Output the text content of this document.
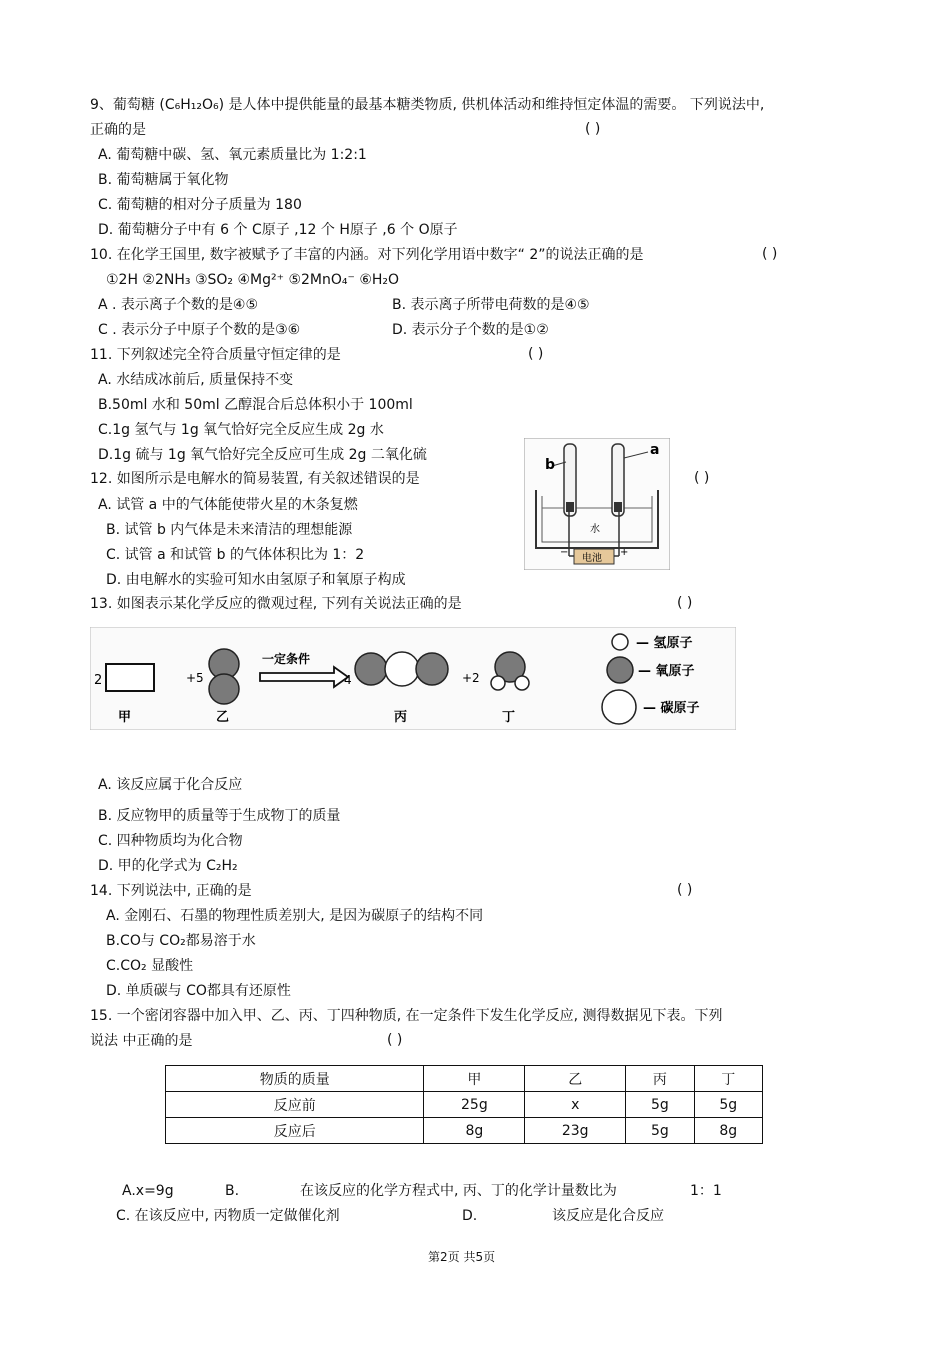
9、葡萄糖 (C₆H₁₂O₆) 是人体中提供能量的最基本糖类物质, 供机体活动和维持恒定体温的需要。 下列说法中,
正确的是	( )
A. 葡萄糖中碳、氢、氧元素质量比为 1:2:1
B. 葡萄糖属于氧化物
C. 葡萄糖的相对分子质量为 180
D. 葡萄糖分子中有 6 个 C原子 ,12 个 H原子 ,6 个 O原子
10. 在化学王国里, 数字被赋予了丰富的内涵。对下列化学用语中数字“ 2”的说法正确的是	( )
①2H ②2NH₃ ③SO₂ ④Mg²⁺ ⑤2MnO₄⁻ ⑥H₂O
A . 表示离子个数的是④⑤	B. 表示离子所带电荷数的是④⑤
C . 表示分子中原子个数的是③⑥	D. 表示分子个数的是①②
11. 下列叙述完全符合质量守恒定律的是	( )
A. 水结成冰前后, 质量保持不变
B.50ml 水和 50ml 乙醇混合后总体积小于 100ml
C.1g 氢气与 1g 氧气恰好完全反应生成 2g 水
D.1g 硫与 1g 氧气恰好完全反应可生成 2g 二氧化硫
12. 如图所示是电解水的简易装置, 有关叙述错误的是	( )
A. 试管 a 中的气体能使带火星的木条复燃
B. 试管 b 内气体是未来清洁的理想能源
C. 试管 a 和试管 b 的气体体积比为 1：2
D. 由电解水的实验可知水由氢原子和氧原子构成
b
a
水
电池
−	+
13. 如图表示某化学反应的微观过程, 下列有关说法正确的是	( )
2
甲
+5
乙
一定条件
4
丙
+2
丁
— 氢原子
— 氧原子
— 碳原子
A. 该反应属于化合反应
B. 反应物甲的质量等于生成物丁的质量
C. 四种物质均为化合物
D. 甲的化学式为 C₂H₂
14. 下列说法中, 正确的是	( )
A. 金刚石、石墨的物理性质差别大, 是因为碳原子的结构不同
B.CO与 CO₂都易溶于水
C.CO₂ 显酸性
D. 单质碳与 CO都具有还原性
15. 一个密闭容器中加入甲、乙、丙、丁四种物质, 在一定条件下发生化学反应, 测得数据见下表。下列
说法 中正确的是	( )
物质的质量	甲	乙	丙	丁
反应前	25g	x	5g	5g
反应后	8g	23g	5g	8g
A.x=9g	B.	在该反应的化学方程式中, 丙、丁的化学计量数比为	1：1
C. 在该反应中, 丙物质一定做催化剂	D.	该反应是化合反应
第2页 共5页
